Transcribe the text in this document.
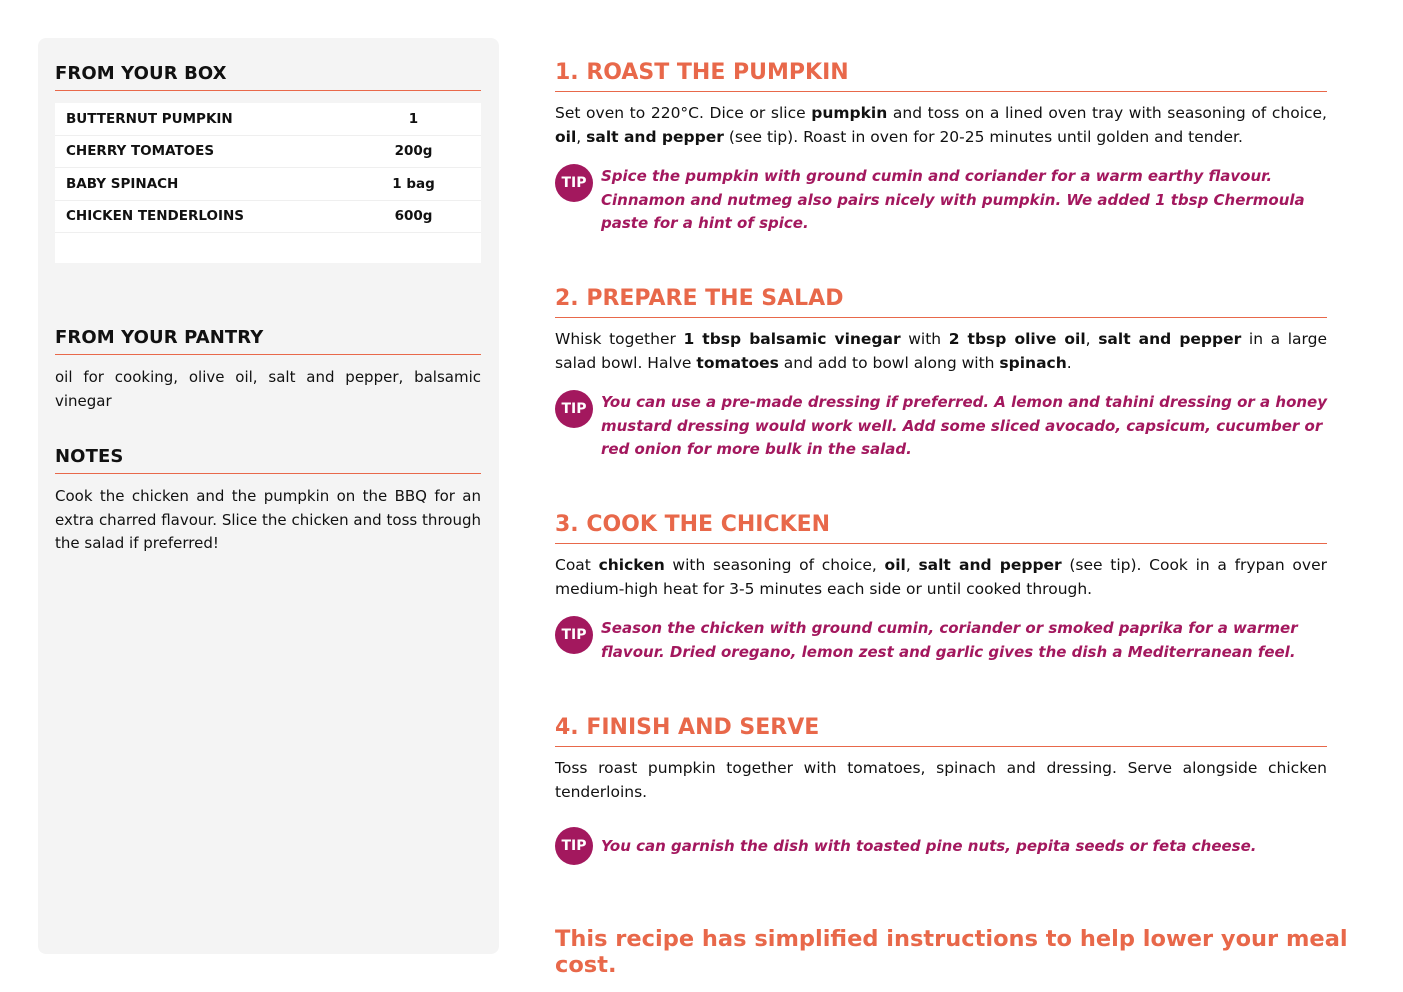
FROM YOUR BOX
BUTTERNUT PUMPKIN	1
CHERRY TOMATOES	200g
BABY SPINACH	1 bag
CHICKEN TENDERLOINS	600g
FROM YOUR PANTRY
oil for cooking, olive oil, salt and pepper, balsamic vinegar
NOTES
Cook the chicken and the pumpkin on the BBQ for an extra charred flavour. Slice the chicken and toss through the salad if preferred!
1. ROAST THE PUMPKIN
Set oven to 220°C. Dice or slice pumpkin and toss on a lined oven tray with seasoning of choice, oil, salt and pepper (see tip). Roast in oven for 20-25 minutes until golden and tender.
TIP Spice the pumpkin with ground cumin and coriander for a warm earthy flavour. Cinnamon and nutmeg also pairs nicely with pumpkin. We added 1 tbsp Chermoula paste for a hint of spice.
2. PREPARE THE SALAD
Whisk together 1 tbsp balsamic vinegar with 2 tbsp olive oil, salt and pepper in a large salad bowl. Halve tomatoes and add to bowl along with spinach.
TIP You can use a pre-made dressing if preferred. A lemon and tahini dressing or a honey mustard dressing would work well. Add some sliced avocado, capsicum, cucumber or red onion for more bulk in the salad.
3. COOK THE CHICKEN
Coat chicken with seasoning of choice, oil, salt and pepper (see tip). Cook in a frypan over medium-high heat for 3-5 minutes each side or until cooked through.
TIP Season the chicken with ground cumin, coriander or smoked paprika for a warmer flavour. Dried oregano, lemon zest and garlic gives the dish a Mediterranean feel.
4. FINISH AND SERVE
Toss roast pumpkin together with tomatoes, spinach and dressing. Serve alongside chicken tenderloins.
TIP You can garnish the dish with toasted pine nuts, pepita seeds or feta cheese.
This recipe has simplified instructions to help lower your meal cost.
